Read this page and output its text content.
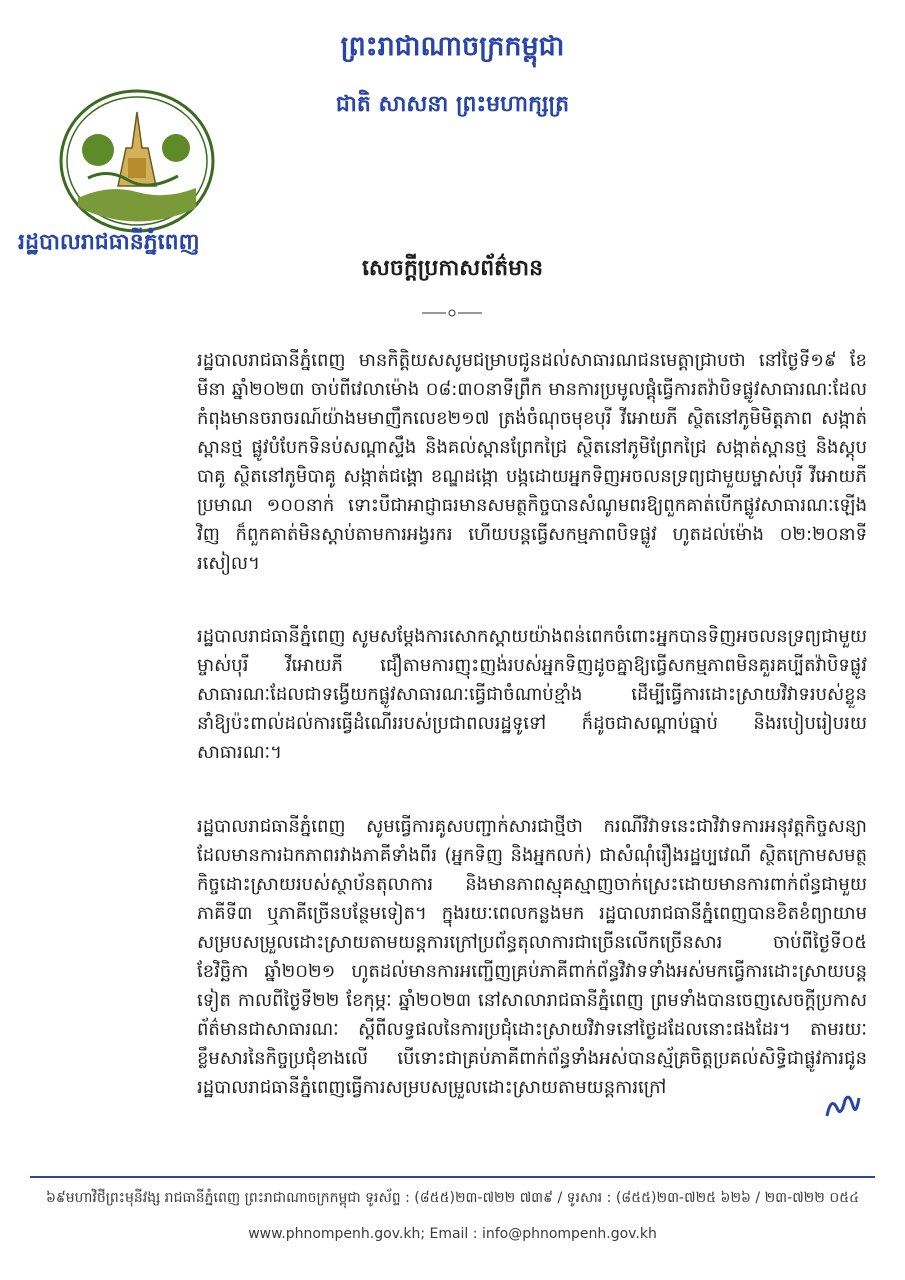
ព្រះរាជាណាចក្រកម្ពុជា
ជាតិ សាសនា ព្រះមហាក្សត្រ
រដ្ឋបាលរាជធានីភ្នំពេញ
សេចក្តីប្រកាសព័ត៌មាន
រដ្ឋបាលរាជធានីភ្នំពេញ មានកិត្តិយសសូមជម្រាបជូនដល់សាធារណជនមេត្តាជ្រាបថា នៅថ្ងៃទី១៩ ខែមីនា ឆ្នាំ២០២៣ ចាប់ពីវេលាម៉ោង ០៨:៣០នាទីព្រឹក មានការប្រមូលផ្តុំធ្វើការតវ៉ាបិទផ្លូវសាធារណៈដែលកំពុងមានចរាចរណ៍យ៉ាងមមាញឹកលេខ២១៧ ត្រង់ចំណុចមុខបុរី វីអោយភី ស្ថិតនៅភូមិមិត្តភាព សង្កាត់ស្ពានថ្ម ផ្លូវបំបែកទិនប់សណ្តាស្ទឹង និងគល់ស្ពានព្រែកជ្រៃ ស្ថិតនៅភូមិព្រែកជ្រៃ សង្កាត់ស្ពានថ្ម និងស្តុបបាគូ ស្ថិតនៅភូមិបាគូ សង្កាត់ជង្គោ ខណ្ឌដង្កោ បង្កដោយអ្នកទិញអចលនទ្រព្យជាមួយម្ចាស់បុរី វីអោយភី ប្រមាណ ១០០នាក់ ទោះបីជាអាជ្ញាធរមានសមត្ថកិច្ចបានសំណូមពរឱ្យពួកគាត់បើកផ្លូវសាធារណៈឡើងវិញ ក៏ពួកគាត់មិនស្តាប់តាមការអង្វរករ ហើយបន្តធ្វើសកម្មភាពបិទផ្លូវ ហូតដល់ម៉ោង ០២:២០នាទីរសៀល។
រដ្ឋបាលរាជធានីភ្នំពេញ សូមសម្តែងការសោកស្តាយយ៉ាងពន់ពេកចំពោះអ្នកបានទិញអចលនទ្រព្យជាមួយម្ចាស់បុរី វីអោយភី ជឿតាមការញុះញង់របស់អ្នកទិញដូចគ្នាឱ្យធ្វើសកម្មភាពមិនគួរគប្បីតវ៉ាបិទផ្លូវសាធារណៈដែលជាទង្វើយកផ្លូវសាធារណៈធ្វើជាចំណាប់ខ្មាំង ដើម្បីធ្វើការដោះស្រាយវិវាទរបស់ខ្លួន នាំឱ្យប៉ះពាល់ដល់ការធ្វើដំណើររបស់ប្រជាពលរដ្ឋទូទៅ ក៏ដូចជាសណ្តាប់ធ្នាប់ និងរបៀបរៀបរយសាធារណៈ។
រដ្ឋបាលរាជធានីភ្នំពេញ សូមធ្វើការគូសបញ្ជាក់សារជាថ្មីថា ករណីវិវាទនេះជាវិវាទការអនុវត្តកិច្ចសន្យាដែលមានការឯកភាពរវាងភាគីទាំងពីរ (អ្នកទិញ និងអ្នកលក់) ជាសំណុំរឿងរដ្ឋប្បវេណី ស្ថិតក្រោមសមត្ថកិច្ចដោះស្រាយរបស់ស្ថាប័នតុលាការ និងមានភាពស្មុគស្មាញចាក់ស្រេះដោយមានការពាក់ព័ន្ធជាមួយភាគីទី៣ ឬភាគីច្រើនបន្ថែមទៀត។ ក្នុងរយៈពេលកន្លងមក រដ្ឋបាលរាជធានីភ្នំពេញបានខិតខំព្យាយាមសម្របសម្រួលដោះស្រាយតាមយន្តការក្រៅប្រព័ន្ធតុលាការជាច្រើនលើកច្រើនសារ ចាប់ពីថ្ងៃទី០៥ ខែវិច្ឆិកា ឆ្នាំ២០២១ ហូតដល់មានការអញ្ជើញគ្រប់ភាគីពាក់ព័ន្ធវិវាទទាំងអស់មកធ្វើការដោះស្រាយបន្តទៀត កាលពីថ្ងៃទី២២ ខែកុម្ភៈ ឆ្នាំ២០២៣ នៅសាលារាជធានីភ្នំពេញ ព្រមទាំងបានចេញសេចក្តីប្រកាសព័ត៌មានជាសាធារណៈ ស្តីពីលទ្ធផលនៃការប្រជុំដោះស្រាយវិវាទនៅថ្ងៃដដែលនោះផងដែរ។ តាមរយៈខ្លឹមសារនៃកិច្ចប្រជុំខាងលើ បើទោះជាគ្រប់ភាគីពាក់ព័ន្ធទាំងអស់បានស្ម័គ្រចិត្តប្រគល់សិទ្ធិជាផ្លូវការជូនរដ្ឋបាលរាជធានីភ្នំពេញធ្វើការសម្របសម្រួលដោះស្រាយតាមយន្តការក្រៅ
៦៩មហាវិថីព្រះមុនីវង្ស រាជធានីភ្នំពេញ ព្រះរាជាណាចក្រកម្ពុជា ទូរស័ព្ទ : (៨៥៥)២៣-៧២២ ៧៣៩ / ទូរសារ : (៨៥៥)២៣-៧២៥ ៦២៦ / ២៣-៧២២ ០៥៤
www.phnompenh.gov.kh; Email : info@phnompenh.gov.kh
